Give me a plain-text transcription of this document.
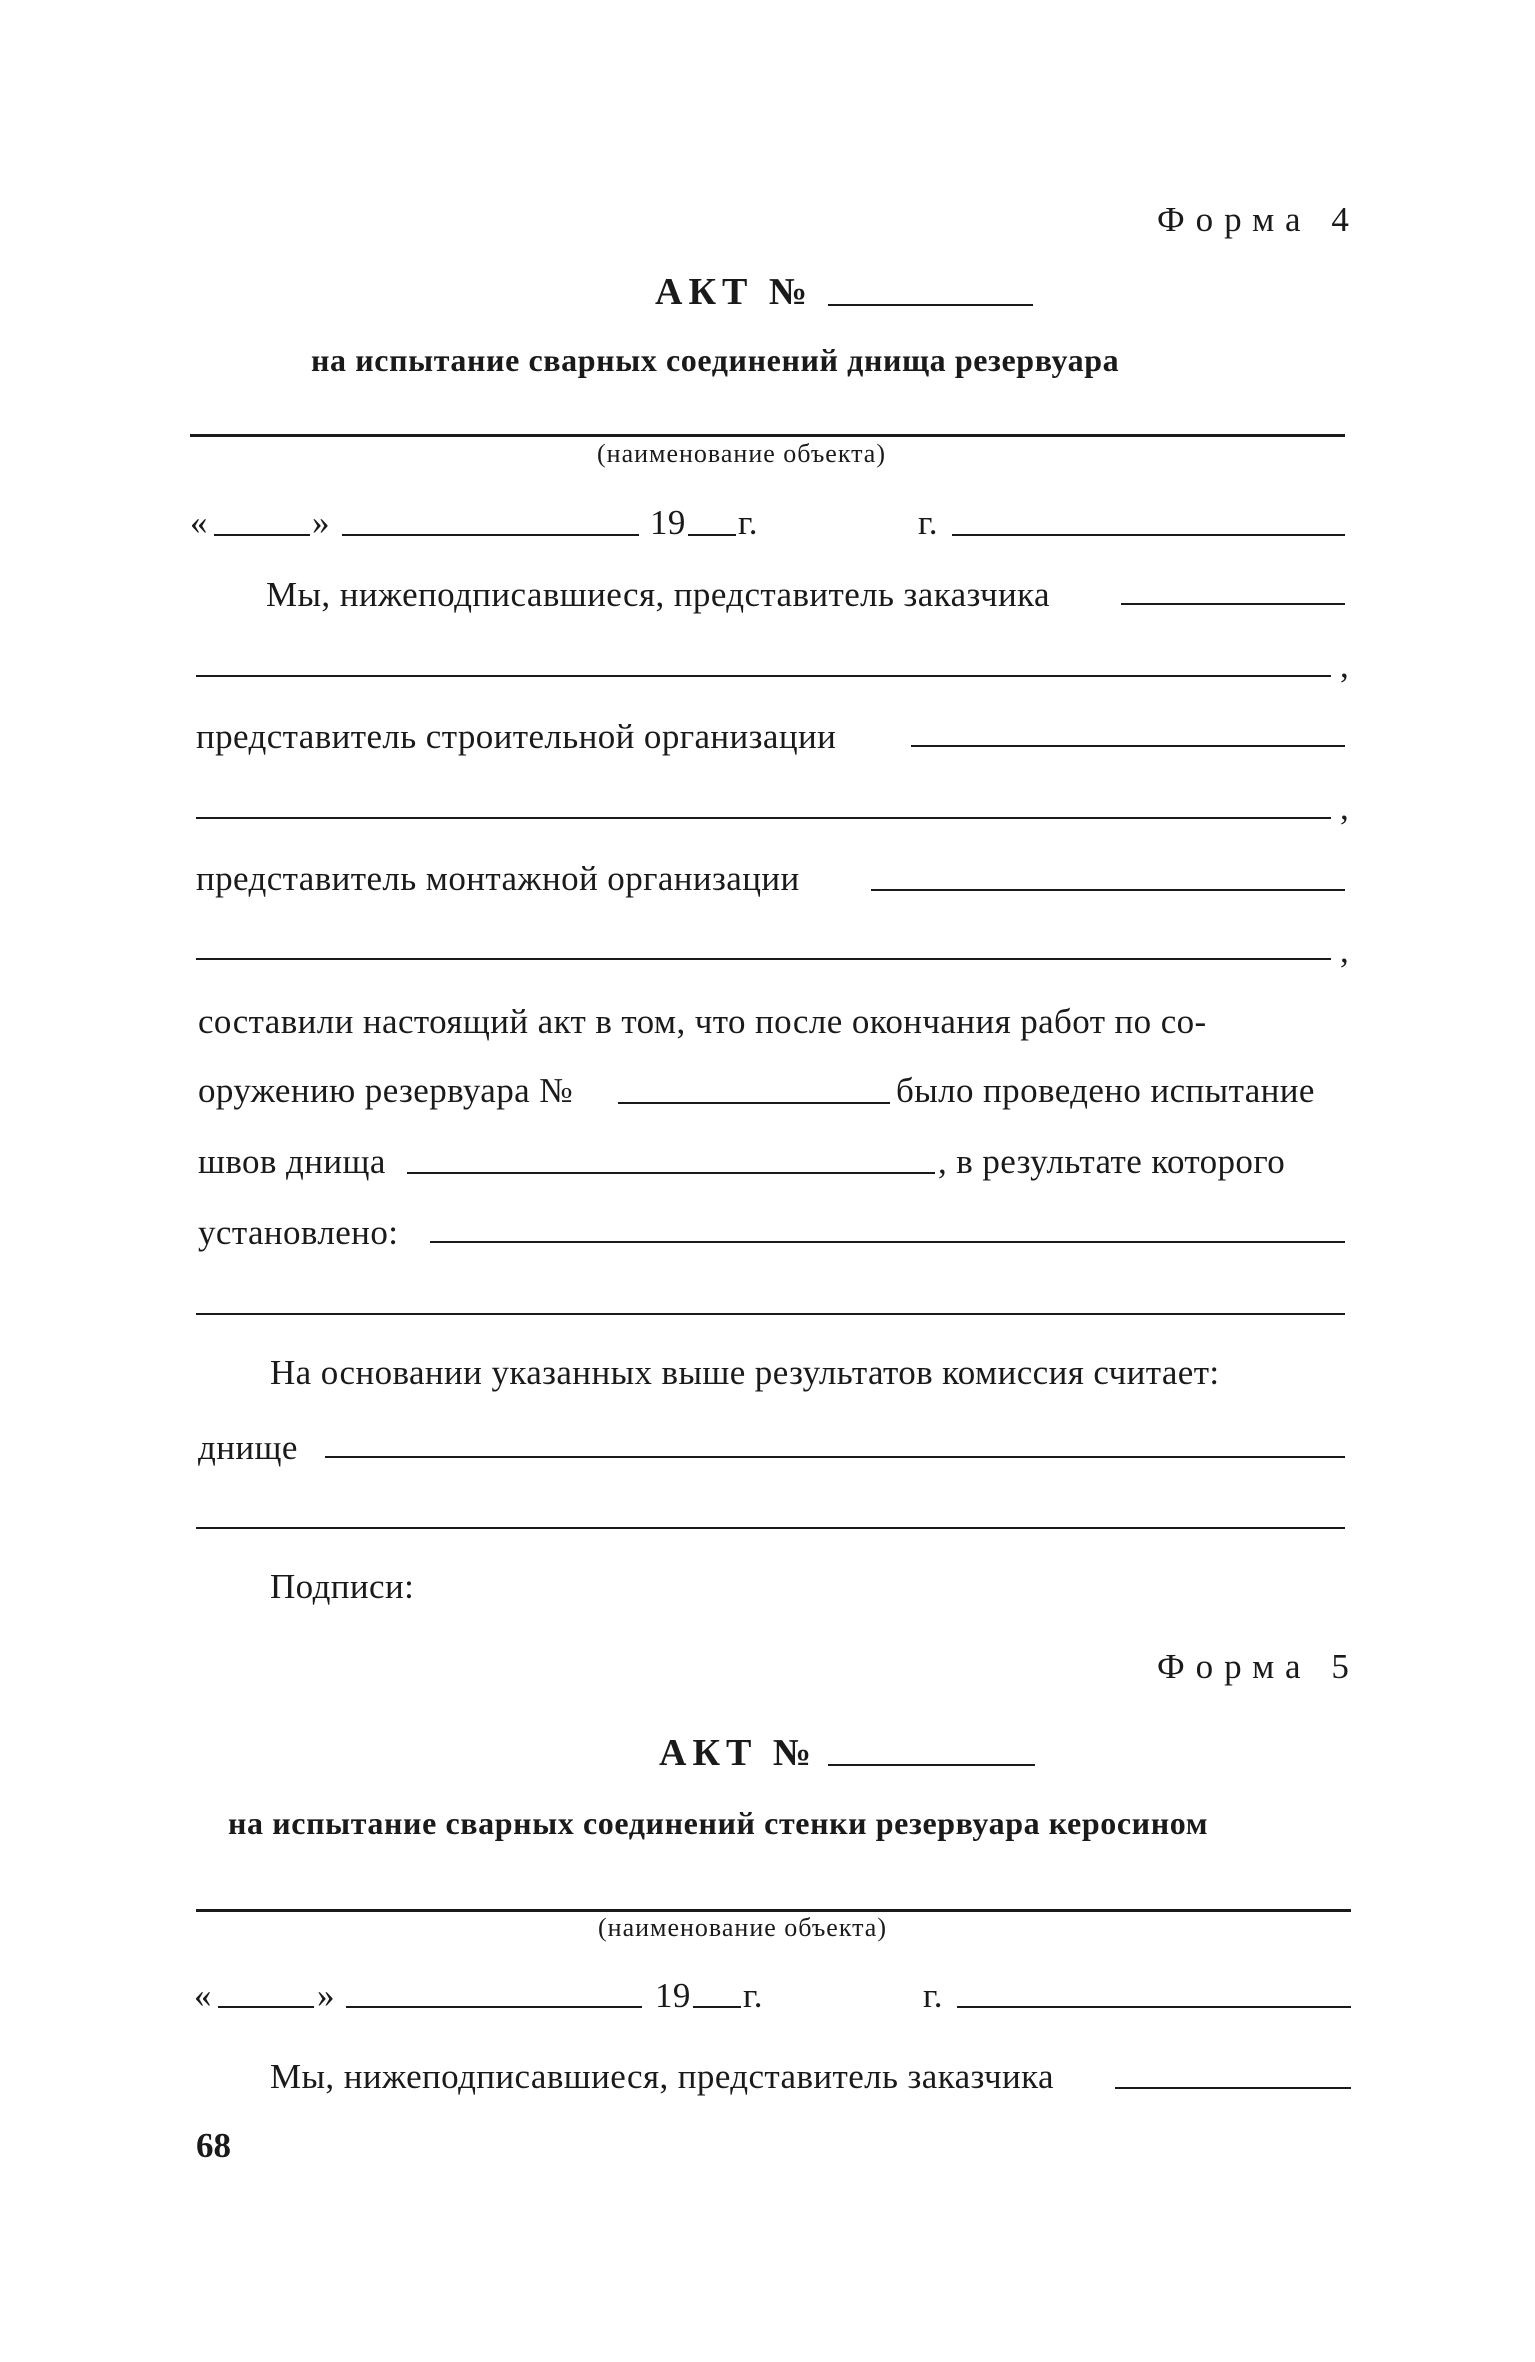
Форма 4
АКТ №
на испытание сварных соединений днища резервуара
(наименование объекта)
«	»	19 г.	г.
Мы, нижеподписавшиеся, представитель заказчика
,
представитель строительной организации
,
представитель монтажной организации
,
составили настоящий акт в том, что после окончания работ по со-
оружению резервуара №	было проведено испытание
швов днища	, в результате которого
установлено:
На основании указанных выше результатов комиссия считает:
днище
Подписи:
Форма 5
АКТ №
на испытание сварных соединений стенки резервуара керосином
(наименование объекта)
«	»	19 г.	г.
Мы, нижеподписавшиеся, представитель заказчика
68
